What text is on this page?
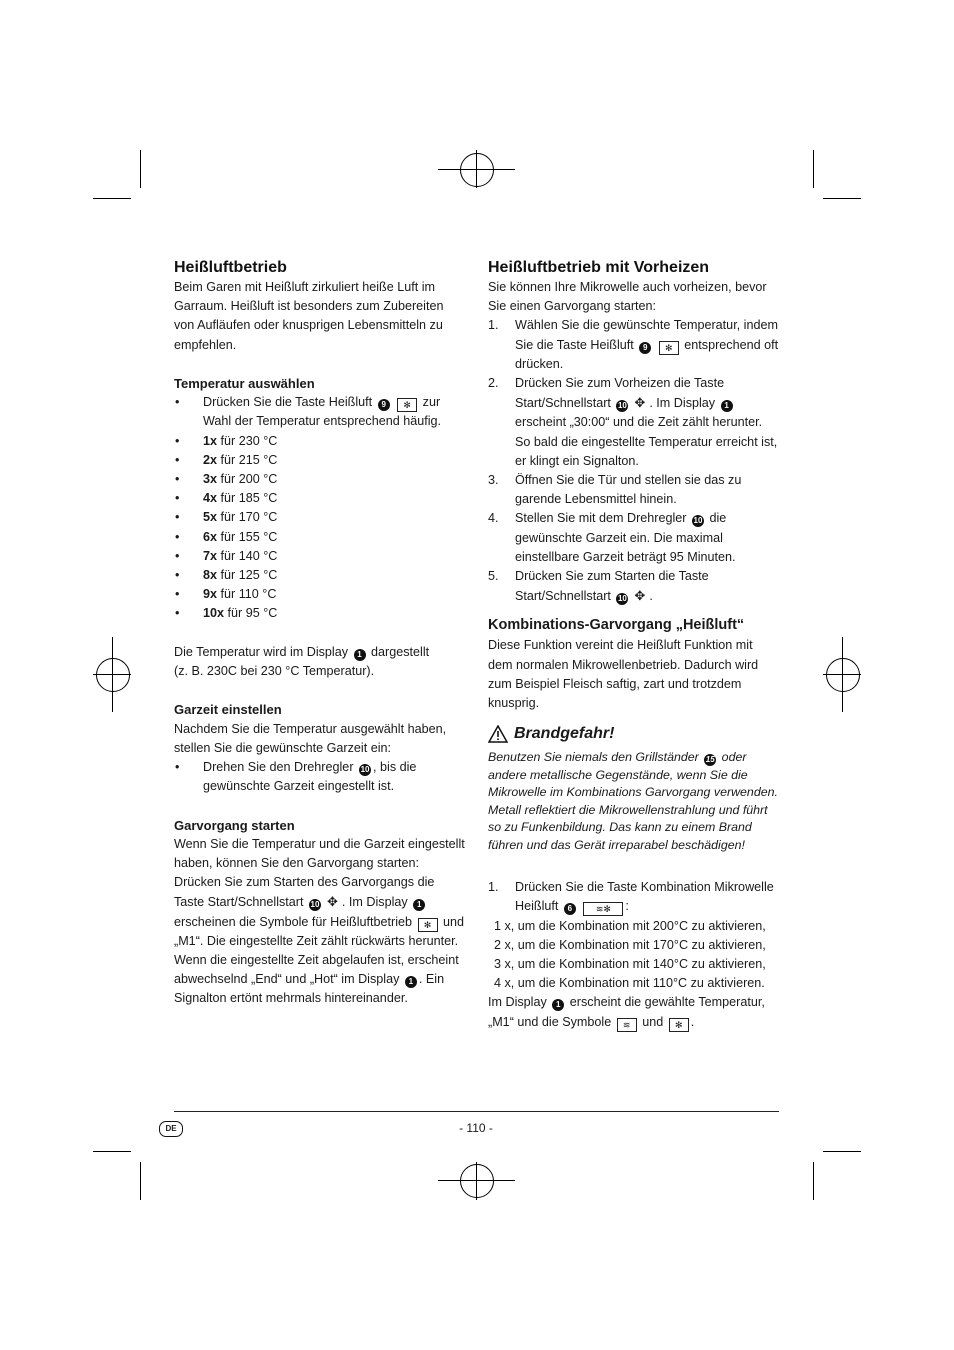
Heißluftbetrieb

Beim Garen mit Heißluft zirkuliert heiße Luft im Garraum. Heißluft ist besonders zum Zubereiten von Aufläufen oder knusprigen Lebensmitteln zu empfehlen.

Temperatur auswählen
•	Drücken Sie die Taste Heißluft 9 ✻ zur Wahl der Temperatur entsprechend häufig.
•	1x für 230 °C
•	2x für 215 °C
•	3x für 200 °C
•	4x für 185 °C
•	5x für 170 °C
•	6x für 155 °C
•	7x für 140 °C
•	8x für 125 °C
•	9x für 110 °C
•	10x für 95 °C

Die Temperatur wird im Display 1 dargestellt
(z. B. 230C bei 230 °C Temperatur).

Garzeit einstellen

Nachdem Sie die Temperatur ausgewählt haben, stellen Sie die gewünschte Garzeit ein:

•	Drehen Sie den Drehregler 10 , bis die gewünschte Garzeit eingestellt ist.
Garvorgang starten

Wenn Sie die Temperatur und die Garzeit eingestellt haben, können Sie den Garvorgang starten:

Drücken Sie zum Starten des Garvorgangs die Taste Start/Schnellstart 10 ✥ . Im Display 1 erscheinen die Symbole für Heißluftbetrieb ✻ und „M1“. Die eingestellte Zeit zählt rückwärts herunter. Wenn die eingestellte Zeit abgelaufen ist, erscheint abwechselnd „End“ und „Hot“ im Display 1 . Ein Signalton ertönt mehrmals hintereinander.

Heißluftbetrieb mit Vorheizen

Sie können Ihre Mikrowelle auch vorheizen, bevor Sie einen Garvorgang starten:

1.	Wählen Sie die gewünschte Temperatur, indem Sie die Taste Heißluft 9 ✻ entsprechend oft drücken.
2.	Drücken Sie zum Vorheizen die Taste Start/Schnellstart 10 ✥ . Im Display 1 erscheint „30:00“ und die Zeit zählt herunter. So bald die eingestellte Temperatur erreicht ist, er klingt ein Signalton.
3.	Öffnen Sie die Tür und stellen sie das zu garende Lebensmittel hinein.
4.	Stellen Sie mit dem Drehregler 10 die gewünschte Garzeit ein. Die maximal einstellbare Garzeit beträgt 95 Minuten.
5.	Drücken Sie zum Starten die Taste Start/Schnellstart 10 ✥ .
Kombinations-Garvorgang „Heißluft“

Diese Funktion vereint die Heißluft Funktion mit dem normalen Mikrowellenbetrieb. Dadurch wird zum Beispiel Fleisch saftig, zart und trotzdem knusprig.

Brandgefahr!

Benutzen Sie niemals den Grillständer 15 oder andere metallische Gegenstände, wenn Sie die Mikrowelle im Kombinations Garvorgang verwenden. Metall reflektiert die Mikrowellenstrahlung und führt so zu Funkenbildung. Das kann zu einem Brand führen und das Gerät irreparabel beschädigen!

1.	Drücken Sie die Taste Kombination Mikrowelle Heißluft 6	≋✻ :
1 x, um die Kombination mit 200°C zu aktivieren,
2 x, um die Kombination mit 170°C zu aktivieren,
3 x, um die Kombination mit 140°C zu aktivieren,
4 x, um die Kombination mit 110°C zu aktivieren.

Im Display 1 erscheint die gewählte Temperatur, „M1“ und die Symbole ≋ und ✻ .

DE	- 110 -
